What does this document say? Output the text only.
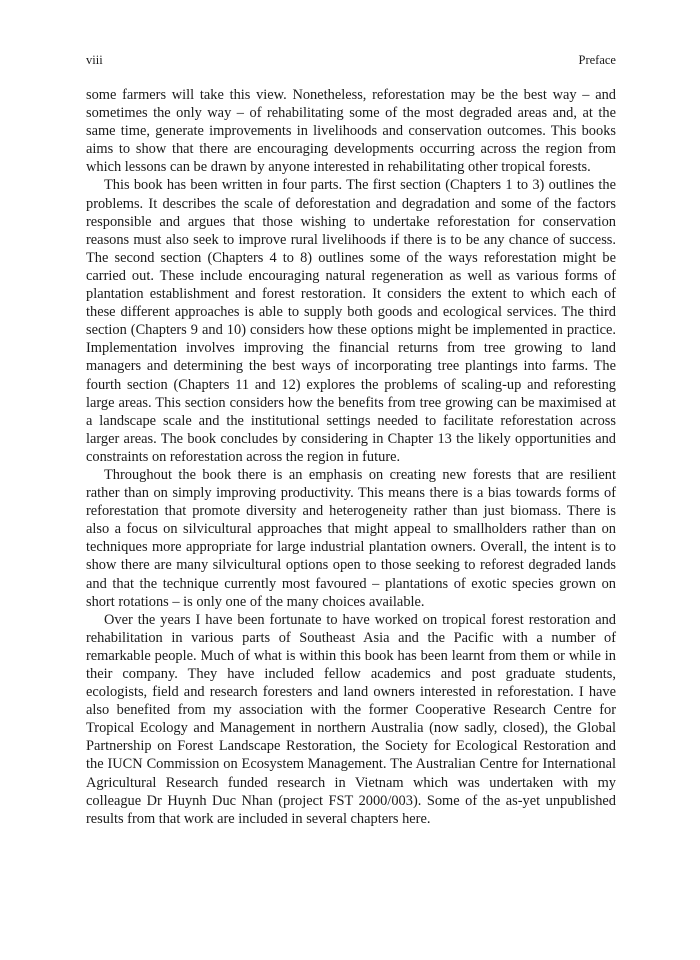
viii	Preface

some farmers will take this view. Nonetheless, reforestation may be the best way – and sometimes the only way – of rehabilitating some of the most degraded areas and, at the same time, generate improvements in livelihoods and conservation outcomes. This books aims to show that there are encouraging developments occurring across the region from which lessons can be drawn by anyone interested in rehabilitating other tropical forests.

This book has been written in four parts. The first section (Chapters 1 to 3) outlines the problems. It describes the scale of deforestation and degradation and some of the factors responsible and argues that those wishing to undertake reforestation for conservation reasons must also seek to improve rural livelihoods if there is to be any chance of success. The second section (Chapters 4 to 8) outlines some of the ways reforestation might be carried out. These include encouraging natural regeneration as well as various forms of plantation establishment and forest restoration. It considers the extent to which each of these different approaches is able to supply both goods and ecological services. The third section (Chapters 9 and 10) considers how these options might be implemented in practice. Implementation involves improving the financial returns from tree growing to land managers and determining the best ways of incorporating tree plantings into farms. The fourth section (Chapters 11 and 12) explores the problems of scaling-up and reforesting large areas. This section considers how the benefits from tree growing can be maximised at a landscape scale and the institutional settings needed to facilitate reforestation across larger areas. The book concludes by considering in Chapter 13 the likely opportunities and constraints on reforestation across the region in future.

Throughout the book there is an emphasis on creating new forests that are resilient rather than on simply improving productivity. This means there is a bias towards forms of reforestation that promote diversity and heterogeneity rather than just biomass. There is also a focus on silvicultural approaches that might appeal to smallholders rather than on techniques more appropriate for large industrial plantation owners. Overall, the intent is to show there are many silvicultural options open to those seeking to reforest degraded lands and that the technique currently most favoured – plantations of exotic species grown on short rotations – is only one of the many choices available.

Over the years I have been fortunate to have worked on tropical forest restoration and rehabilitation in various parts of Southeast Asia and the Pacific with a number of remarkable people. Much of what is within this book has been learnt from them or while in their company. They have included fellow academics and post graduate students, ecologists, field and research foresters and land owners interested in reforestation. I have also benefited from my association with the former Cooperative Research Centre for Tropical Ecology and Management in northern Australia (now sadly, closed), the Global Partnership on Forest Landscape Restoration, the Society for Ecological Restoration and the IUCN Commission on Ecosystem Management. The Australian Centre for International Agricultural Research funded research in Vietnam which was undertaken with my colleague Dr Huynh Duc Nhan (project FST 2000/003). Some of the as-yet unpublished results from that work are included in several chapters here.
